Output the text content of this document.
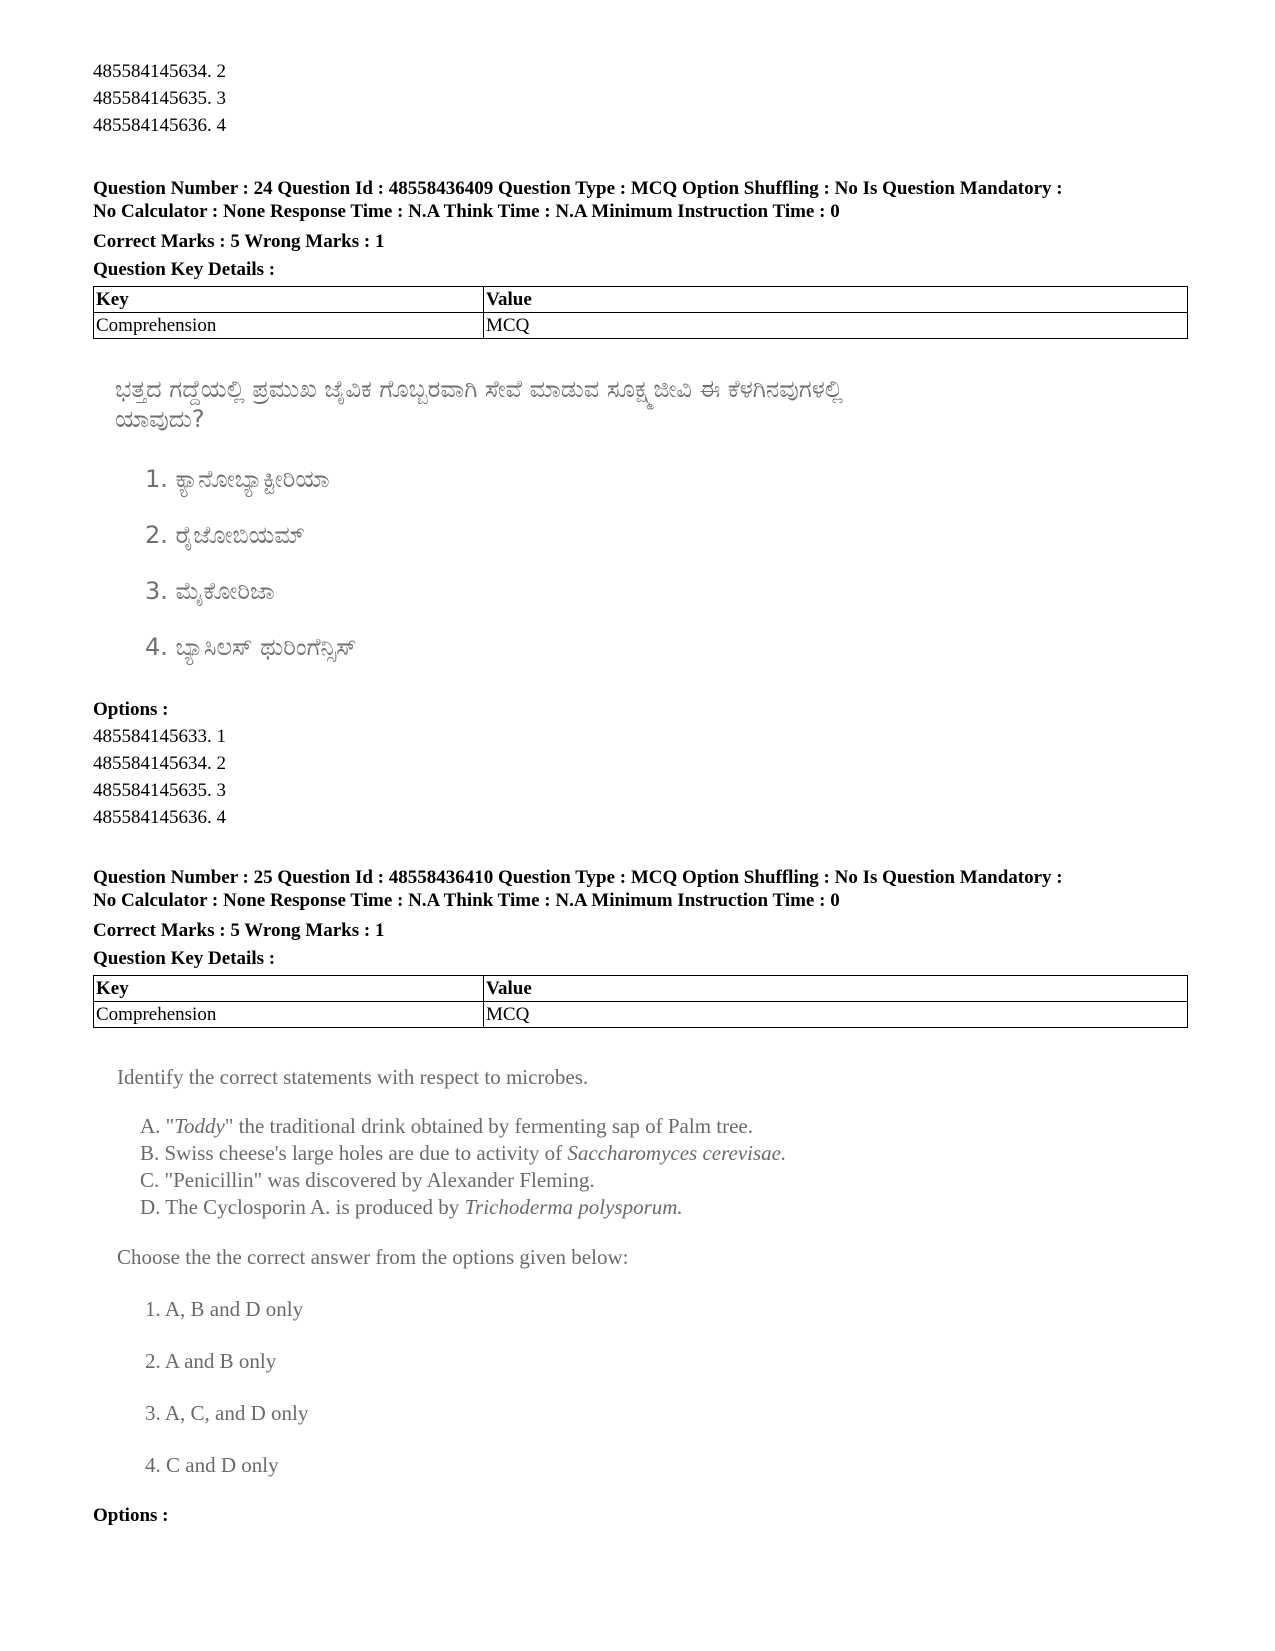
485584145634. 2
485584145635. 3
485584145636. 4
Question Number : 24 Question Id : 48558436409 Question Type : MCQ Option Shuffling : No Is Question Mandatory :
No Calculator : None Response Time : N.A Think Time : N.A Minimum Instruction Time : 0
Correct Marks : 5 Wrong Marks : 1
Question Key Details :
Key	Value
Comprehension	MCQ
ಭತ್ತದ ಗದ್ದೆಯಲ್ಲಿ ಪ್ರಮುಖ ಜೈವಿಕ ಗೊಬ್ಬರವಾಗಿ ಸೇವೆ ಮಾಡುವ ಸೂಕ್ಷ್ಮಜೀವಿ ಈ ಕೆಳಗಿನವುಗಳಲ್ಲಿ
ಯಾವುದು?
1. ಕ್ಯಾನೋಬ್ಯಾಕ್ಟೀರಿಯಾ
2. ರೈಜೋಬಿಯಮ್
3. ಮೈಕೋರಿಜಾ
4. ಬ್ಯಾಸಿಲಸ್ ಥುರಿಂಗೆನ್ಸಿಸ್
Options :
485584145633. 1
485584145634. 2
485584145635. 3
485584145636. 4
Question Number : 25 Question Id : 48558436410 Question Type : MCQ Option Shuffling : No Is Question Mandatory :
No Calculator : None Response Time : N.A Think Time : N.A Minimum Instruction Time : 0
Correct Marks : 5 Wrong Marks : 1
Question Key Details :
Key	Value
Comprehension	MCQ
Identify the correct statements with respect to microbes.
A. "Toddy" the traditional drink obtained by fermenting sap of Palm tree.
B. Swiss cheese's large holes are due to activity of Saccharomyces cerevisae.
C. "Penicillin" was discovered by Alexander Fleming.
D. The Cyclosporin A. is produced by Trichoderma polysporum.
Choose the the correct answer from the options given below:
1. A, B and D only
2. A and B only
3. A, C, and D only
4. C and D only
Options :
